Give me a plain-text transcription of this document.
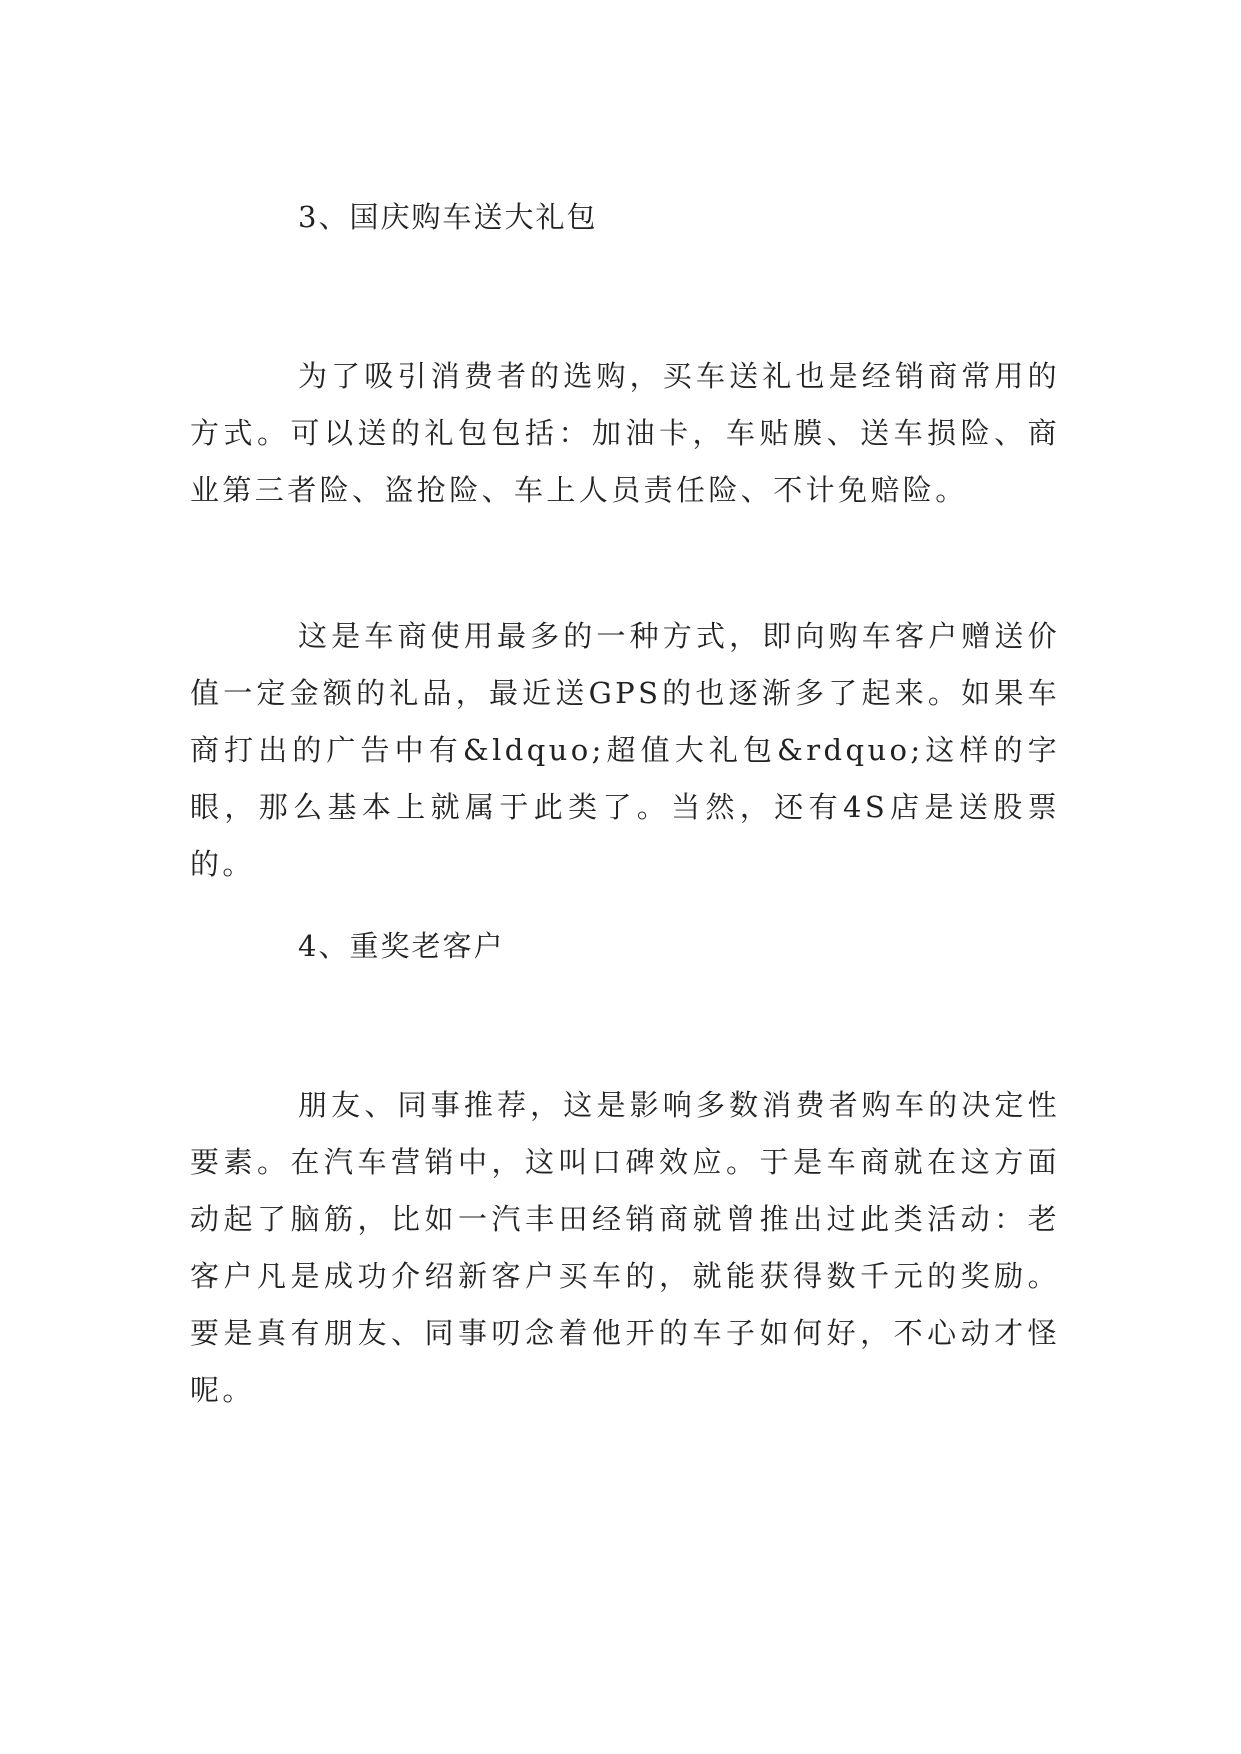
3、国庆购车送大礼包

为了吸引消费者的选购，买车送礼也是经销商常用的方式。可以送的礼包包括：加油卡，车贴膜、送车损险、商业第三者险、盗抢险、车上人员责任险、不计免赔险。

这是车商使用最多的一种方式，即向购车客户赠送价值一定金额的礼品，最近送GPS的也逐渐多了起来。如果车商打出的广告中有&ldquo;超值大礼包&rdquo;这样的字眼，那么基本上就属于此类了。当然，还有4S店是送股票的。

4、重奖老客户

朋友、同事推荐，这是影响多数消费者购车的决定性要素。在汽车营销中，这叫口碑效应。于是车商就在这方面动起了脑筋，比如一汽丰田经销商就曾推出过此类活动：老客户凡是成功介绍新客户买车的，就能获得数千元的奖励。要是真有朋友、同事叨念着他开的车子如何好，不心动才怪呢。
